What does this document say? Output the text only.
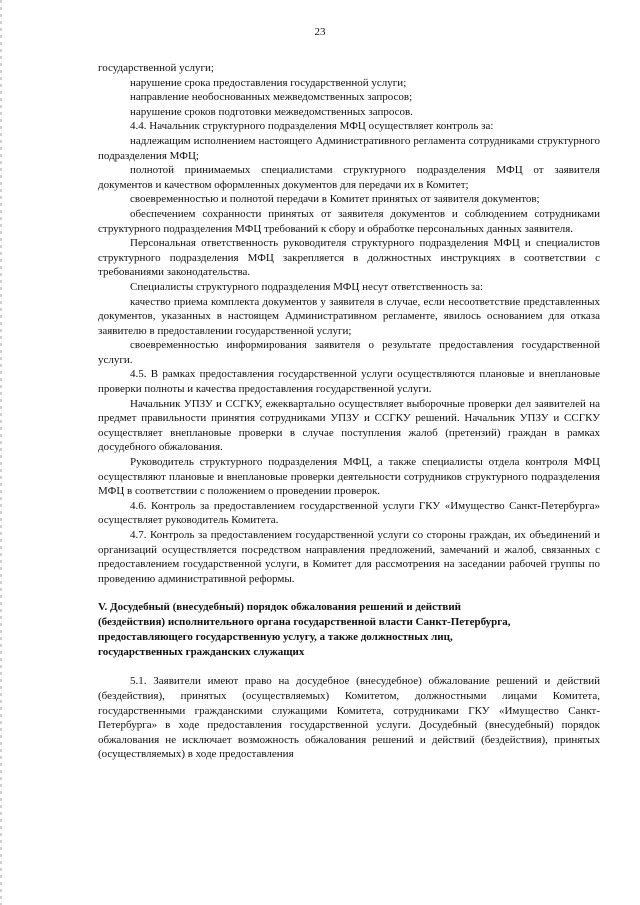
23

государственной услуги;

нарушение срока предоставления государственной услуги;

направление необоснованных межведомственных запросов;

нарушение сроков подготовки межведомственных запросов.

4.4. Начальник структурного подразделения МФЦ осуществляет контроль за:

надлежащим исполнением настоящего Административного регламента сотрудниками структурного подразделения МФЦ;

полнотой принимаемых специалистами структурного подразделения МФЦ от заявителя документов и качеством оформленных документов для передачи их в Комитет;

своевременностью и полнотой передачи в Комитет принятых от заявителя документов;

обеспечением сохранности принятых от заявителя документов и соблюдением сотрудниками структурного подразделения МФЦ требований к сбору и обработке персональных данных заявителя.

Персональная ответственность руководителя структурного подразделения МФЦ и специалистов структурного подразделения МФЦ закрепляется в должностных инструкциях в соответствии с требованиями законодательства.

Специалисты структурного подразделения МФЦ несут ответственность за:

качество приема комплекта документов у заявителя в случае, если несоответствие представленных документов, указанных в настоящем Административном регламенте, явилось основанием для отказа заявителю в предоставлении государственной услуги;

своевременностью информирования заявителя о результате предоставления государственной услуги.

4.5. В рамках предоставления государственной услуги осуществляются плановые и внеплановые проверки полноты и качества предоставления государственной услуги.

Начальник УПЗУ и ССГКУ, ежеквартально осуществляет выборочные проверки дел заявителей на предмет правильности принятия сотрудниками УПЗУ и ССГКУ решений. Начальник УПЗУ и ССГКУ осуществляет внеплановые проверки в случае поступления жалоб (претензий) граждан в рамках досудебного обжалования.

Руководитель структурного подразделения МФЦ, а также специалисты отдела контроля МФЦ осуществляют плановые и внеплановые проверки деятельности сотрудников структурного подразделения МФЦ в соответствии с положением о проведении проверок.

4.6. Контроль за предоставлением государственной услуги ГКУ «Имущество Санкт-Петербурга» осуществляет руководитель Комитета.

4.7. Контроль за предоставлением государственной услуги со стороны граждан, их объединений и организаций осуществляется посредством направления предложений, замечаний и жалоб, связанных с предоставлением государственной услуги, в Комитет для рассмотрения на заседании рабочей группы по проведению административной реформы.

V. Досудебный (внесудебный) порядок обжалования решений и действий

(бездействия) исполнительного органа государственной власти Санкт-Петербурга,

предоставляющего государственную услугу, а также должностных лиц,

государственных гражданских служащих

5.1. Заявители имеют право на досудебное (внесудебное) обжалование решений и действий (бездействия), принятых (осуществляемых) Комитетом, должностными лицами Комитета, государственными гражданскими служащими Комитета, сотрудниками ГКУ «Имущество Санкт-Петербурга» в ходе предоставления государственной услуги. Досудебный (внесудебный) порядок обжалования не исключает возможность обжалования решений и действий (бездействия), принятых (осуществляемых) в ходе предоставления
